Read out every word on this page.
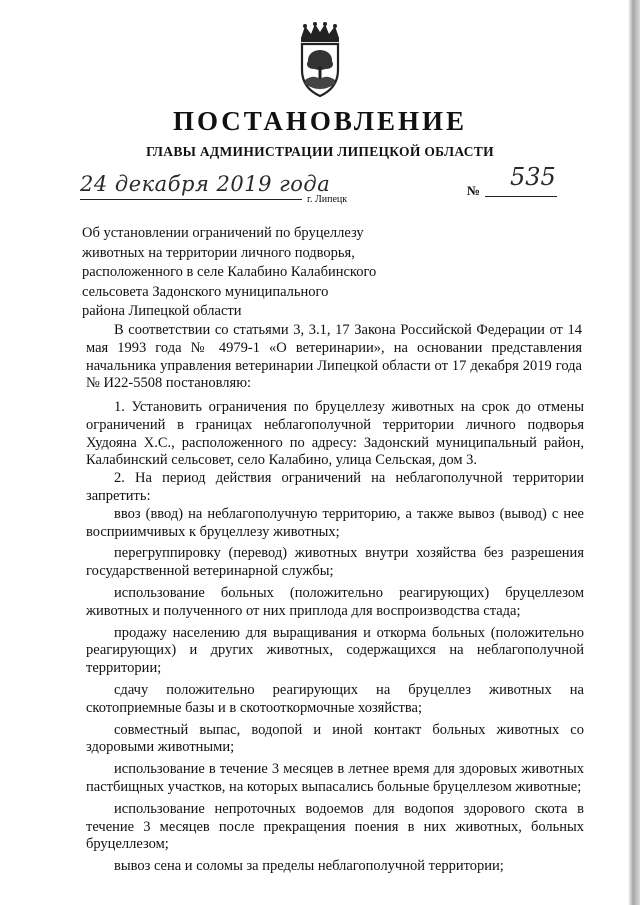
ПОСТАНОВЛЕНИЕ
ГЛАВЫ АДМИНИСТРАЦИИ ЛИПЕЦКОЙ ОБЛАСТИ
24 декабря 2019 года
г. Липецк
№ 535
Об установлении ограничений по бруцеллезу
животных на территории личного подворья,
расположенного в селе Калабино Калабинского
сельсовета Задонского муниципального
района Липецкой области

В соответствии со статьями 3, 3.1, 17 Закона Российской Федерации от 14 мая 1993 года № 4979-1 «О ветеринарии», на основании представления начальника управления ветеринарии Липецкой области от 17 декабря 2019 года № И22-5508 постановляю:

1. Установить ограничения по бруцеллезу животных на срок до отмены ограничений в границах неблагополучной территории личного подворья Худояна Х.С., расположенного по адресу: Задонский муниципальный район, Калабинский сельсовет, село Калабино, улица Сельская, дом 3.

2. На период действия ограничений на неблагополучной территории запретить:

ввоз (ввод) на неблагополучную территорию, а также вывоз (вывод) с нее восприимчивых к бруцеллезу животных;

перегруппировку (перевод) животных внутри хозяйства без разрешения государственной ветеринарной службы;

использование больных (положительно реагирующих) бруцеллезом животных и полученного от них приплода для воспроизводства стада;

продажу населению для выращивания и откорма больных (положительно реагирующих) и других животных, содержащихся на неблагополучной территории;

сдачу положительно реагирующих на бруцеллез животных на скотоприемные базы и в скотооткормочные хозяйства;

совместный выпас, водопой и иной контакт больных животных со здоровыми животными;

использование в течение 3 месяцев в летнее время для здоровых животных пастбищных участков, на которых выпасались больные бруцеллезом животные;

использование непроточных водоемов для водопоя здорового скота в течение 3 месяцев после прекращения поения в них животных, больных бруцеллезом;

вывоз сена и соломы за пределы неблагополучной территории;
